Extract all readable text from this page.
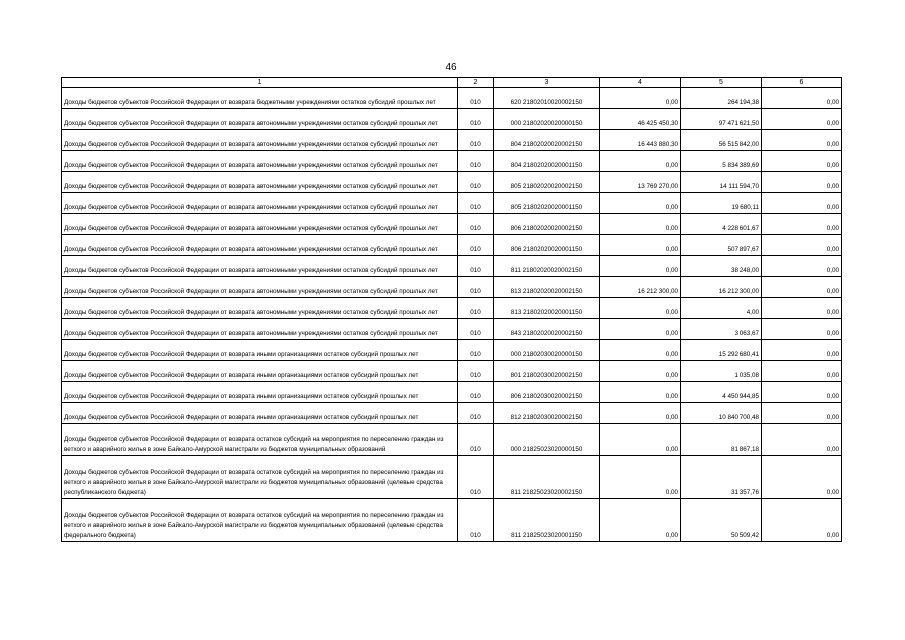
46
1	2	3	4	5	6
Доходы бюджетов субъектов Российской Федерации от возврата бюджетными учреждениями остатков субсидий прошлых лет	010	620 21802010020002150	0,00	264 194,38	0,00
Доходы бюджетов субъектов Российской Федерации от возврата автономными учреждениями остатков субсидий прошлых лет	010	000 21802020020000150	46 425 450,30	97 471 621,50	0,00
Доходы бюджетов субъектов Российской Федерации от возврата автономными учреждениями остатков субсидий прошлых лет	010	804 21802020020002150	16 443 880,30	56 515 842,00	0,00
Доходы бюджетов субъектов Российской Федерации от возврата автономными учреждениями остатков субсидий прошлых лет	010	804 21802020020001150	0,00	5 834 389,69	0,00
Доходы бюджетов субъектов Российской Федерации от возврата автономными учреждениями остатков субсидий прошлых лет	010	805 21802020020002150	13 769 270,00	14 111 594,70	0,00
Доходы бюджетов субъектов Российской Федерации от возврата автономными учреждениями остатков субсидий прошлых лет	010	805 21802020020001150	0,00	19 680,11	0,00
Доходы бюджетов субъектов Российской Федерации от возврата автономными учреждениями остатков субсидий прошлых лет	010	806 21802020020002150	0,00	4 228 601,67	0,00
Доходы бюджетов субъектов Российской Федерации от возврата автономными учреждениями остатков субсидий прошлых лет	010	806 21802020020001150	0,00	507 897,67	0,00
Доходы бюджетов субъектов Российской Федерации от возврата автономными учреждениями остатков субсидий прошлых лет	010	811 21802020020002150	0,00	38 248,00	0,00
Доходы бюджетов субъектов Российской Федерации от возврата автономными учреждениями остатков субсидий прошлых лет	010	813 21802020020002150	16 212 300,00	16 212 300,00	0,00
Доходы бюджетов субъектов Российской Федерации от возврата автономными учреждениями остатков субсидий прошлых лет	010	813 21802020020001150	0,00	4,00	0,00
Доходы бюджетов субъектов Российской Федерации от возврата автономными учреждениями остатков субсидий прошлых лет	010	843 21802020020002150	0,00	3 063,67	0,00
Доходы бюджетов субъектов Российской Федерации от возврата иными организациями остатков субсидий прошлых лет	010	000 21802030020000150	0,00	15 292 680,41	0,00
Доходы бюджетов субъектов Российской Федерации от возврата иными организациями остатков субсидий прошлых лет	010	801 21802030020002150	0,00	1 035,08	0,00
Доходы бюджетов субъектов Российской Федерации от возврата иными организациями остатков субсидий прошлых лет	010	806 21802030020002150	0,00	4 450 944,85	0,00
Доходы бюджетов субъектов Российской Федерации от возврата иными организациями остатков субсидий прошлых лет	010	812 21802030020002150	0,00	10 840 700,48	0,00
Доходы бюджетов субъектов Российской Федерации от возврата остатков субсидий на мероприятия по переселению граждан из ветхого и аварийного жилья в зоне Байкало-Амурской магистрали из бюджетов муниципальных образований	010	000 21825023020000150	0,00	81 867,18	0,00
Доходы бюджетов субъектов Российской Федерации от возврата остатков субсидий на мероприятия по переселению граждан из ветхого и аварийного жилья в зоне Байкало-Амурской магистрали из бюджетов муниципальных образований (целевые средства республиканского бюджета)	010	811 21825023020002150	0,00	31 357,76	0,00
Доходы бюджетов субъектов Российской Федерации от возврата остатков субсидий на мероприятия по переселению граждан из ветхого и аварийного жилья в зоне Байкало-Амурской магистрали из бюджетов муниципальных образований (целевые средства федерального бюджета)	010	811 21825023020001150	0,00	50 509,42	0,00
